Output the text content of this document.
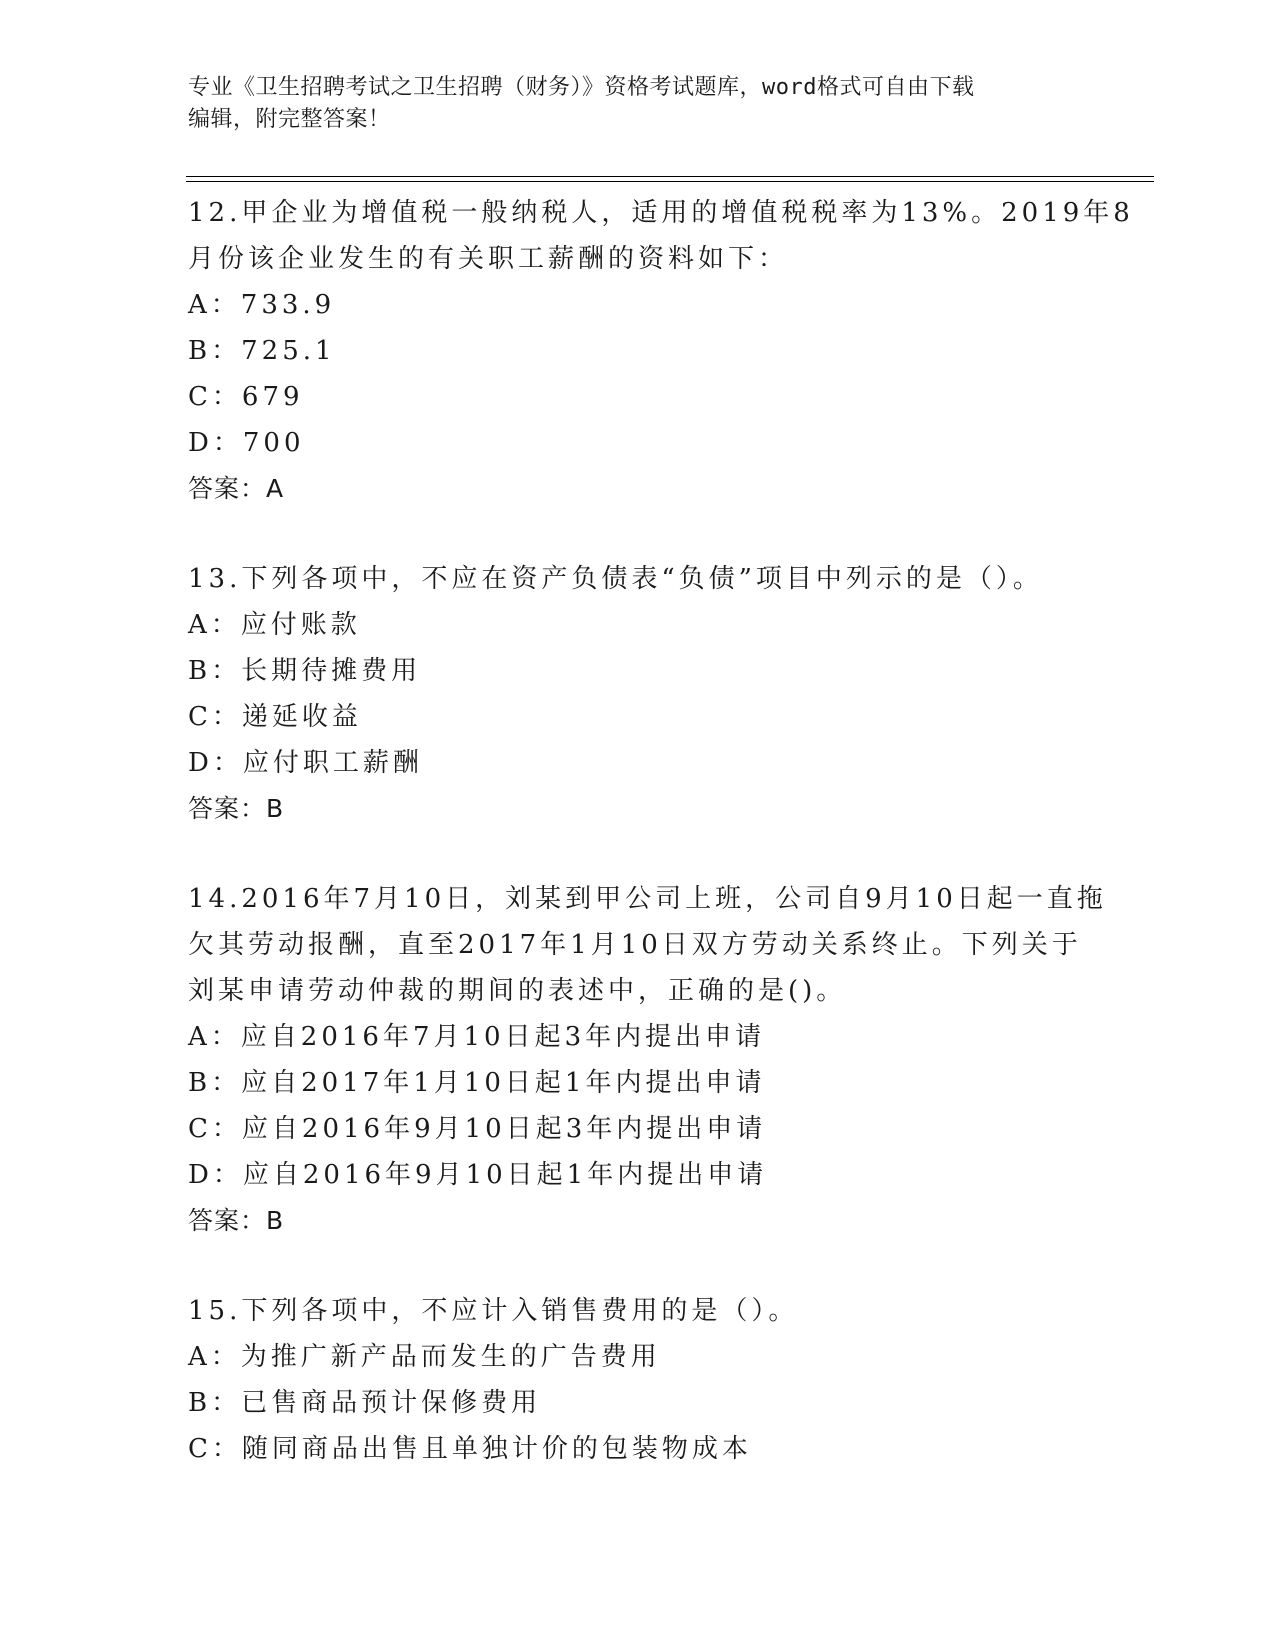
专业《卫生招聘考试之卫生招聘（财务）》资格考试题库，word格式可自由下载
编辑，附完整答案！
12.甲企业为增值税一般纳税人，适用的增值税税率为13%。2019年8
月份该企业发生的有关职工薪酬的资料如下：
A：733.9
B：725.1
C：679
D：700
答案：A
13.下列各项中，不应在资产负债表“负债”项目中列示的是（）。
A：应付账款
B：长期待摊费用
C：递延收益
D：应付职工薪酬
答案：B
14.2016年7月10日，刘某到甲公司上班，公司自9月10日起一直拖
欠其劳动报酬，直至2017年1月10日双方劳动关系终止。下列关于
刘某申请劳动仲裁的期间的表述中，正确的是()。
A：应自2016年7月10日起3年内提出申请
B：应自2017年1月10日起1年内提出申请
C：应自2016年9月10日起3年内提出申请
D：应自2016年9月10日起1年内提出申请
答案：B
15.下列各项中，不应计入销售费用的是（）。
A：为推广新产品而发生的广告费用
B：已售商品预计保修费用
C：随同商品出售且单独计价的包装物成本
